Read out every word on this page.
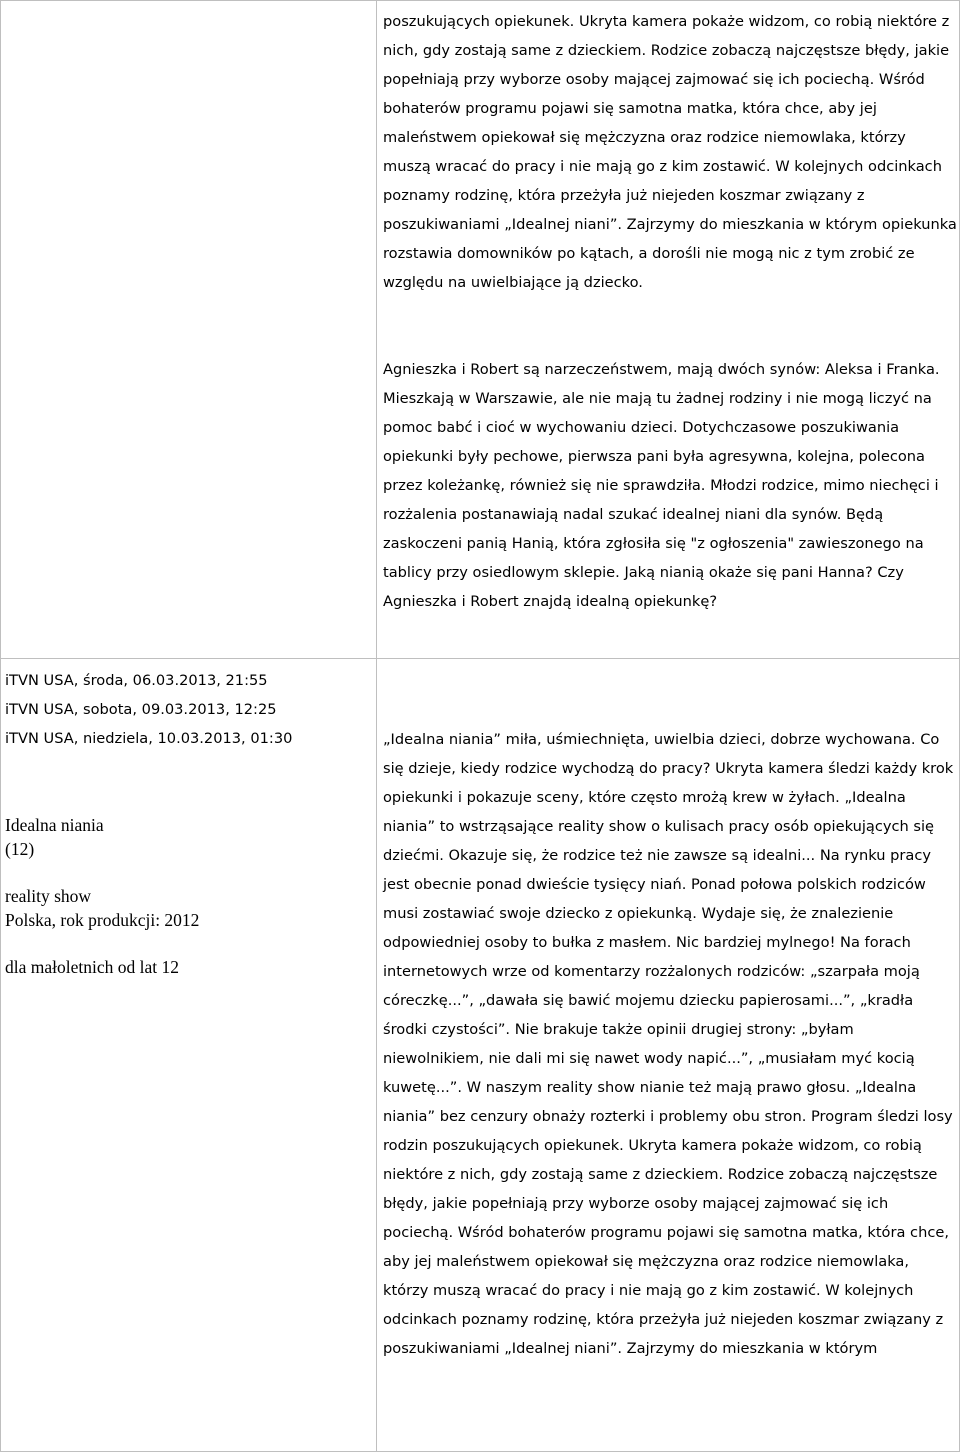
poszukujących opiekunek. Ukryta kamera pokaże widzom, co robią niektóre z nich, gdy zostają same z dzieckiem. Rodzice zobaczą najczęstsze błędy, jakie popełniają przy wyborze osoby mającej zajmować się ich pociechą. Wśród bohaterów programu pojawi się samotna matka, która chce, aby jej maleństwem opiekował się mężczyzna oraz rodzice niemowlaka, którzy muszą wracać do pracy i nie mają go z kim zostawić. W kolejnych odcinkach poznamy rodzinę, która przeżyła już niejeden koszmar związany z poszukiwaniami „Idealnej niani”. Zajrzymy do mieszkania w którym opiekunka rozstawia domowników po kątach, a dorośli nie mogą nic z tym zrobić ze względu na uwielbiające ją dziecko.

Agnieszka i Robert są narzeczeństwem, mają dwóch synów: Aleksa i Franka. Mieszkają w Warszawie, ale nie mają tu żadnej rodziny i nie mogą liczyć na pomoc babć i cioć w wychowaniu dzieci. Dotychczasowe poszukiwania opiekunki były pechowe, pierwsza pani była agresywna, kolejna, polecona przez koleżankę, również się nie sprawdziła. Młodzi rodzice, mimo niechęci i rozżalenia postanawiają nadal szukać idealnej niani dla synów. Będą zaskoczeni panią Hanią, która zgłosiła się "z ogłoszenia" zawieszonego na tablicy przy osiedlowym sklepie. Jaką nianią okaże się pani Hanna? Czy Agnieszka i Robert znajdą idealną opiekunkę?

iTVN USA, środa, 06.03.2013, 21:55

iTVN USA, sobota, 09.03.2013, 12:25

iTVN USA, niedziela, 10.03.2013, 01:30

Idealna niania

(12)

reality show

Polska, rok produkcji: 2012

dla małoletnich od lat 12

„Idealna niania” miła, uśmiechnięta, uwielbia dzieci, dobrze wychowana. Co się dzieje, kiedy rodzice wychodzą do pracy? Ukryta kamera śledzi każdy krok opiekunki i pokazuje sceny, które często mrożą krew w żyłach. „Idealna niania” to wstrząsające reality show o kulisach pracy osób opiekujących się dziećmi. Okazuje się, że rodzice też nie zawsze są idealni... Na rynku pracy jest obecnie ponad dwieście tysięcy niań. Ponad połowa polskich rodziców musi zostawiać swoje dziecko z opiekunką. Wydaje się, że znalezienie odpowiedniej osoby to bułka z masłem. Nic bardziej mylnego! Na forach internetowych wrze od komentarzy rozżalonych rodziców: „szarpała moją córeczkę...”, „dawała się bawić mojemu dziecku papierosami...”, „kradła środki czystości”. Nie brakuje także opinii drugiej strony: „byłam niewolnikiem, nie dali mi się nawet wody napić...”, „musiałam myć kocią kuwetę...”. W naszym reality show nianie też mają prawo głosu. „Idealna niania” bez cenzury obnaży rozterki i problemy obu stron. Program śledzi losy rodzin poszukujących opiekunek. Ukryta kamera pokaże widzom, co robią niektóre z nich, gdy zostają same z dzieckiem. Rodzice zobaczą najczęstsze błędy, jakie popełniają przy wyborze osoby mającej zajmować się ich pociechą. Wśród bohaterów programu pojawi się samotna matka, która chce, aby jej maleństwem opiekował się mężczyzna oraz rodzice niemowlaka, którzy muszą wracać do pracy i nie mają go z kim zostawić. W kolejnych odcinkach poznamy rodzinę, która przeżyła już niejeden koszmar związany z poszukiwaniami „Idealnej niani”. Zajrzymy do mieszkania w którym
